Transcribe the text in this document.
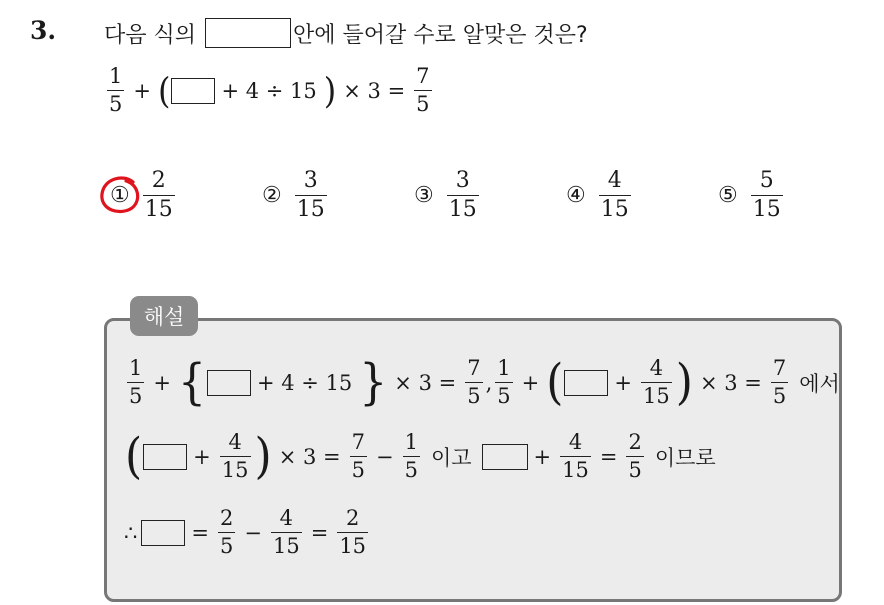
3. 다음 식의	안에 들어갈 수로 알맞은 것은?
$\frac{1}{5}$ + ( + 4 ÷ 15 ) × $3 = \frac{7}{5}$
① $\frac{2}{15}$	② $\frac{3}{15}$	③ $\frac{3}{15}$	④ $\frac{4}{15}$	⑤ $\frac{5}{15}$
해설
$\frac{1}{5}$ + { + 4 ÷ 15 } × $3 = \frac{7}{5}$ , $\frac{1}{5}$ + ( + $\frac{4}{15}$ ) × $3 = \frac{7}{5}$ 에서
( + $\frac{4}{15}$ ) × $3 = \frac{7}{5} - \frac{1}{5}$ 이고	+ $\frac{4}{15} = \frac{2}{5}$ 이므로
∴	= $\frac{2}{5} - \frac{4}{15} = \frac{2}{15}$
